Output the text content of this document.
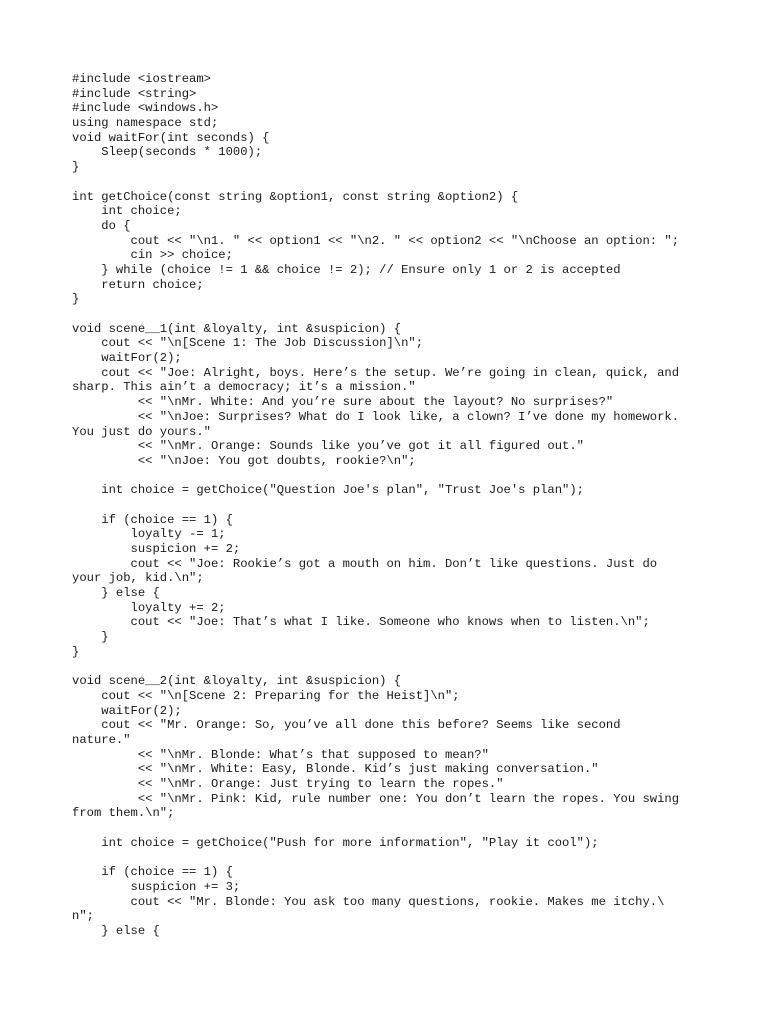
#include <iostream>
#include <string>
#include <windows.h>
using namespace std;
void waitFor(int seconds) {
Sleep(seconds * 1000);
}
int getChoice(const string &option1, const string &option2) {
int choice;
do {
cout << "\n1. " << option1 << "\n2. " << option2 << "\nChoose an option: ";
cin >> choice;
} while (choice != 1 && choice != 2); // Ensure only 1 or 2 is accepted
return choice;
}
void scene__1(int &loyalty, int &suspicion) {
cout << "\n[Scene 1: The Job Discussion]\n";
waitFor(2);
cout << "Joe: Alright, boys. Here’s the setup. We’re going in clean, quick, and
sharp. This ain’t a democracy; it’s a mission."
<< "\nMr. White: And you’re sure about the layout? No surprises?"
<< "\nJoe: Surprises? What do I look like, a clown? I’ve done my homework.
You just do yours."
<< "\nMr. Orange: Sounds like you’ve got it all figured out."
<< "\nJoe: You got doubts, rookie?\n";
int choice = getChoice("Question Joe's plan", "Trust Joe's plan");
if (choice == 1) {
loyalty -= 1;
suspicion += 2;
cout << "Joe: Rookie’s got a mouth on him. Don’t like questions. Just do
your job, kid.\n";
} else {
loyalty += 2;
cout << "Joe: That’s what I like. Someone who knows when to listen.\n";
}
}
void scene__2(int &loyalty, int &suspicion) {
cout << "\n[Scene 2: Preparing for the Heist]\n";
waitFor(2);
cout << "Mr. Orange: So, you’ve all done this before? Seems like second
nature."
<< "\nMr. Blonde: What’s that supposed to mean?"
<< "\nMr. White: Easy, Blonde. Kid’s just making conversation."
<< "\nMr. Orange: Just trying to learn the ropes."
<< "\nMr. Pink: Kid, rule number one: You don’t learn the ropes. You swing
from them.\n";
int choice = getChoice("Push for more information", "Play it cool");
if (choice == 1) {
suspicion += 3;
cout << "Mr. Blonde: You ask too many questions, rookie. Makes me itchy.\
n";
} else {
